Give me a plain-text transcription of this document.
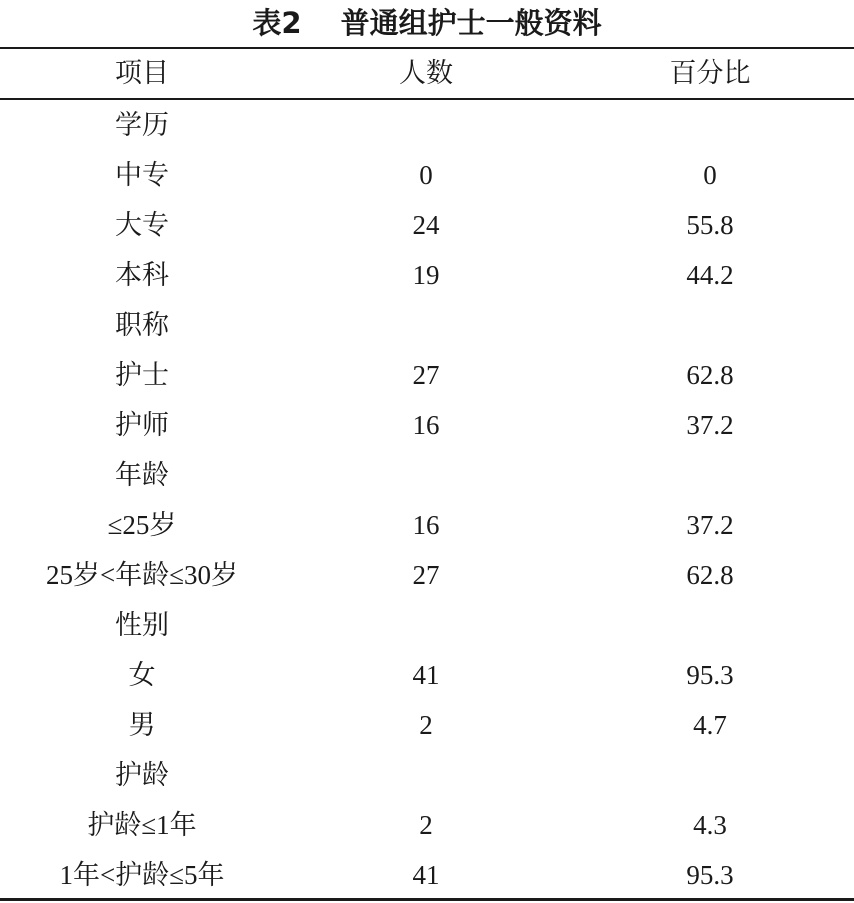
表2　 普通组护士一般资料
项目	人数	百分比
学历
中专	0	0
大专	24	55.8
本科	19	44.2
职称
护士	27	62.8
护师	16	37.2
年龄
≤25岁	16	37.2
25岁<年龄≤30岁	27	62.8
性别
女	41	95.3
男	2	4.7
护龄
护龄≤1年	2	4.3
1年<护龄≤5年	41	95.3
